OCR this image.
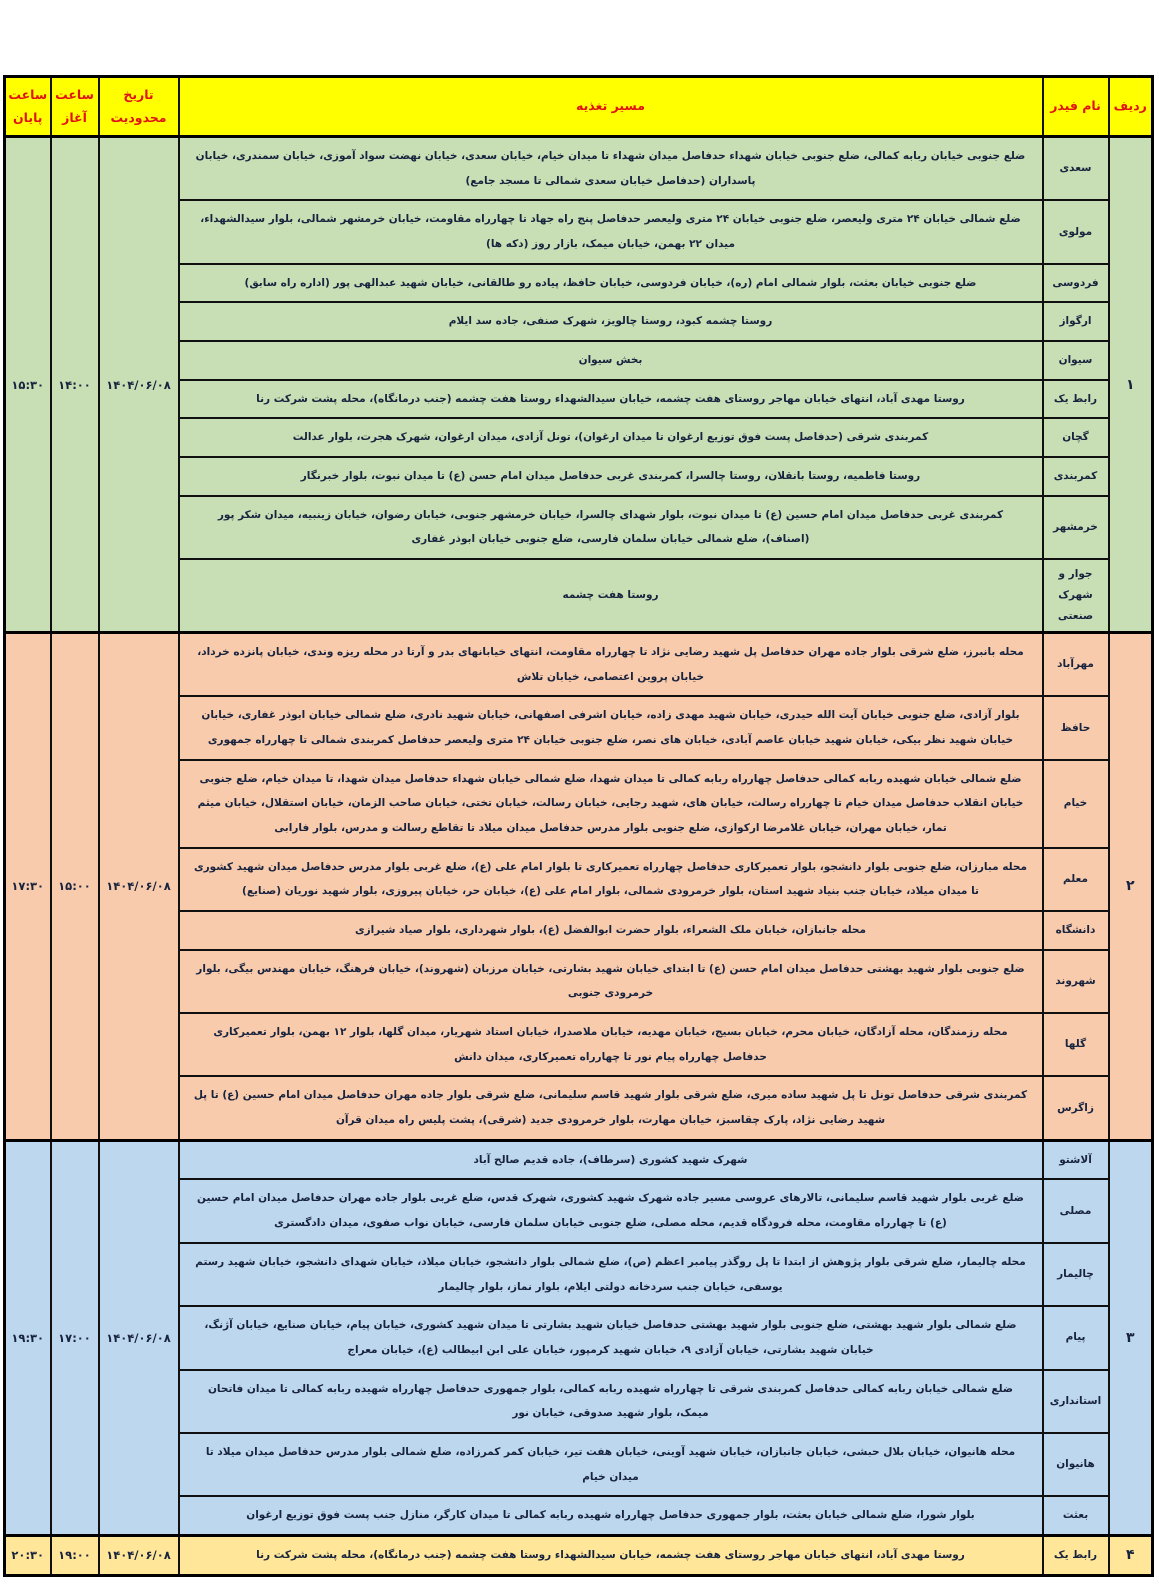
ردیف	نام فیدر	مسیر تغذیه	تاریخ محدودیت	ساعت آغاز	ساعت پایان
۱	سعدی	ضلع جنوبی خیابان ربابه کمالی، ضلع جنوبی خیابان شهداء حدفاصل میدان شهداء تا میدان خیام، خیابان سعدی، خیابان نهضت سواد آموزی، خیابان سمندری، خیابان پاسداران (حدفاصل خیابان سعدی شمالی تا مسجد جامع)	۱۴۰۴/۰۶/۰۸	۱۴:۰۰	۱۵:۳۰
	مولوی	ضلع شمالی خیابان ۲۴ متری ولیعصر، ضلع جنوبی خیابان ۲۴ متری ولیعصر حدفاصل پنج راه جهاد تا چهارراه مقاومت، خیابان خرمشهر شمالی، بلوار سیدالشهداء، میدان ۲۲ بهمن، خیابان میمک، بازار روز (دکه ها)			
	فردوسی	ضلع جنوبی خیابان بعثت، بلوار شمالی امام (ره)، خیابان فردوسی، خیابان حافظ، پیاده رو طالقانی، خیابان شهید عبدالهی پور (اداره راه سابق)			
	ارگواز	روستا چشمه کبود، روستا چالویز، شهرک صنفی، جاده سد ایلام			
	سیوان	بخش سیوان			
	رابط یک	روستا مهدی آباد، انتهای خیابان مهاجر روستای هفت چشمه، خیابان سیدالشهداء روستا هفت چشمه (جنب درمانگاه)، محله پشت شرکت رنا			
	گچان	کمربندی شرقی (حدفاصل پست فوق توزیع ارغوان تا میدان ارغوان)، تونل آزادی، میدان ارغوان، شهرک هجرت، بلوار عدالت			
	کمربندی	روستا فاطمیه، روستا بانقلان، روستا چالسرا، کمربندی غربی حدفاصل میدان امام حسن (ع) تا میدان نبوت، بلوار خبرنگار			
	خرمشهر	کمربندی غربی حدفاصل میدان امام حسین (ع) تا میدان نبوت، بلوار شهدای چالسرا، خیابان خرمشهر جنوبی، خیابان رضوان، خیابان زینبیه، میدان شکر پور (اصناف)، ضلع شمالی خیابان سلمان فارسی، ضلع جنوبی خیابان ابوذر غفاری			
	جوار و شهرک صنعتی	روستا هفت چشمه			
۲	مهرآباد	محله بانبرز، ضلع شرقی بلوار جاده مهران حدفاصل پل شهید رضایی نژاد تا چهارراه مقاومت، انتهای خیابانهای بدر و آرتا در محله ریزه وندی، خیابان پانزده خرداد، خیابان پروین اعتصامی، خیابان تلاش	۱۴۰۴/۰۶/۰۸	۱۵:۰۰	۱۷:۳۰
	حافظ	بلوار آزادی، ضلع جنوبی خیابان آیت الله حیدری، خیابان شهید مهدی زاده، خیابان اشرفی اصفهانی، خیابان شهید نادری، ضلع شمالی خیابان ابوذر غفاری، خیابان خیابان شهید نظر بیکی، خیابان شهید خیابان عاصم آبادی، خیابان های نصر، ضلع جنوبی خیابان ۲۴ متری ولیعصر حدفاصل کمربندی شمالی تا چهارراه جمهوری			
	خیام	ضلع شمالی خیابان شهیده ربابه کمالی حدفاصل چهارراه ربابه کمالی تا میدان شهدا، ضلع شمالی خیابان شهداء حدفاصل میدان شهدا، تا میدان خیام، ضلع جنوبی خیابان انقلاب حدفاصل میدان خیام تا چهارراه رسالت، خیابان های، شهید رجایی، خیابان رسالت، خیابان تختی، خیابان صاحب الزمان، خیابان استقلال، خیابان میثم تمار، خیابان مهران، خیابان غلامرضا ارکوازی، ضلع جنوبی بلوار مدرس حدفاصل میدان میلاد تا تقاطع رسالت و مدرس، بلوار فارابی			
	معلم	محله مبارزان، ضلع جنوبی بلوار دانشجو، بلوار تعمیرکاری حدفاصل چهارراه تعمیرکاری تا بلوار امام علی (ع)، ضلع غربی بلوار مدرس حدفاصل میدان شهید کشوری تا میدان میلاد، خیابان جنب بنیاد شهید استان، بلوار خرمرودی شمالی، بلوار امام علی (ع)، خیابان حر، خیابان پیروزی، بلوار شهید نوریان (صنایع)			
	دانشگاه	محله جانبازان، خیابان ملک الشعراء، بلوار حضرت ابوالفضل (ع)، بلوار شهرداری، بلوار صیاد شیرازی			
	شهروند	ضلع جنوبی بلوار شهید بهشتی حدفاصل میدان امام حسن (ع) تا ابتدای خیابان شهید بشارتی، خیابان مرزبان (شهروند)، خیابان فرهنگ، خیابان مهندس بیگی، بلوار خرمرودی جنوبی			
	گلها	محله رزمندگان، محله آزادگان، خیابان محرم، خیابان بسیج، خیابان مهدیه، خیابان ملاصدرا، خیابان استاد شهریار، میدان گلها، بلوار ۱۲ بهمن، بلوار تعمیرکاری حدفاصل چهارراه پیام نور تا چهارراه تعمیرکاری، میدان دانش			
	زاگرس	کمربندی شرقی حدفاصل تونل تا پل شهید ساده میری، ضلع شرقی بلوار شهید قاسم سلیمانی، ضلع شرقی بلوار جاده مهران حدفاصل میدان امام حسین (ع) تا پل شهید رضایی نژاد، پارک چقاسبز، خیابان مهارت، بلوار خرمرودی جدید (شرقی)، پشت پلیس راه میدان قرآن			
۳	آلاشتو	شهرک شهید کشوری (سرطاف)، جاده قدیم صالح آباد	۱۴۰۴/۰۶/۰۸	۱۷:۰۰	۱۹:۳۰
	مصلی	ضلع غربی بلوار شهید قاسم سلیمانی، تالارهای عروسی مسیر جاده شهرک شهید کشوری، شهرک قدس، ضلع غربی بلوار جاده مهران حدفاصل میدان امام حسین (ع) تا چهارراه مقاومت، محله فرودگاه قدیم، محله مصلی، ضلع جنوبی خیابان سلمان فارسی، خیابان نواب صفوی، میدان دادگستری			
	چالیمار	محله چالیمار، ضلع شرقی بلوار پژوهش از ابتدا تا پل روگذر پیامبر اعظم (ص)، ضلع شمالی بلوار دانشجو، خیابان میلاد، خیابان شهدای دانشجو، خیابان شهید رستم یوسفی، خیابان جنب سردخانه دولتی ایلام، بلوار نماز، بلوار چالیمار			
	پیام	ضلع شمالی بلوار شهید بهشتی، ضلع جنوبی بلوار شهید بهشتی حدفاصل خیابان شهید بشارتی تا میدان شهید کشوری، خیابان پیام، خیابان صنایع، خیابان آژنگ، خیابان شهید بشارتی، خیابان آزادی ۹، خیابان شهید کرمپور، خیابان علی ابن ابیطالب (ع)، خیابان معراج			
	استانداری	ضلع شمالی خیابان ربابه کمالی حدفاصل کمربندی شرقی تا چهارراه شهیده ربابه کمالی، بلوار جمهوری حدفاصل چهارراه شهیده ربابه کمالی تا میدان فاتحان میمک، بلوار شهید صدوقی، خیابان نور			
	هانیوان	محله هانیوان، خیابان بلال حبشی، خیابان جانبازان، خیابان شهید آوینی، خیابان هفت تیر، خیابان کمر کمرزاده، ضلع شمالی بلوار مدرس حدفاصل میدان میلاد تا میدان خیام			
	بعثت	بلوار شورا، ضلع شمالی خیابان بعثت، بلوار جمهوری حدفاصل چهارراه شهیده ربابه کمالی تا میدان کارگر، منازل جنب پست فوق توزیع ارغوان			
۴	رابط یک	روستا مهدی آباد، انتهای خیابان مهاجر روستای هفت چشمه، خیابان سیدالشهداء روستا هفت چشمه (جنب درمانگاه)، محله پشت شرکت رنا	۱۴۰۴/۰۶/۰۸	۱۹:۰۰	۲۰:۳۰
